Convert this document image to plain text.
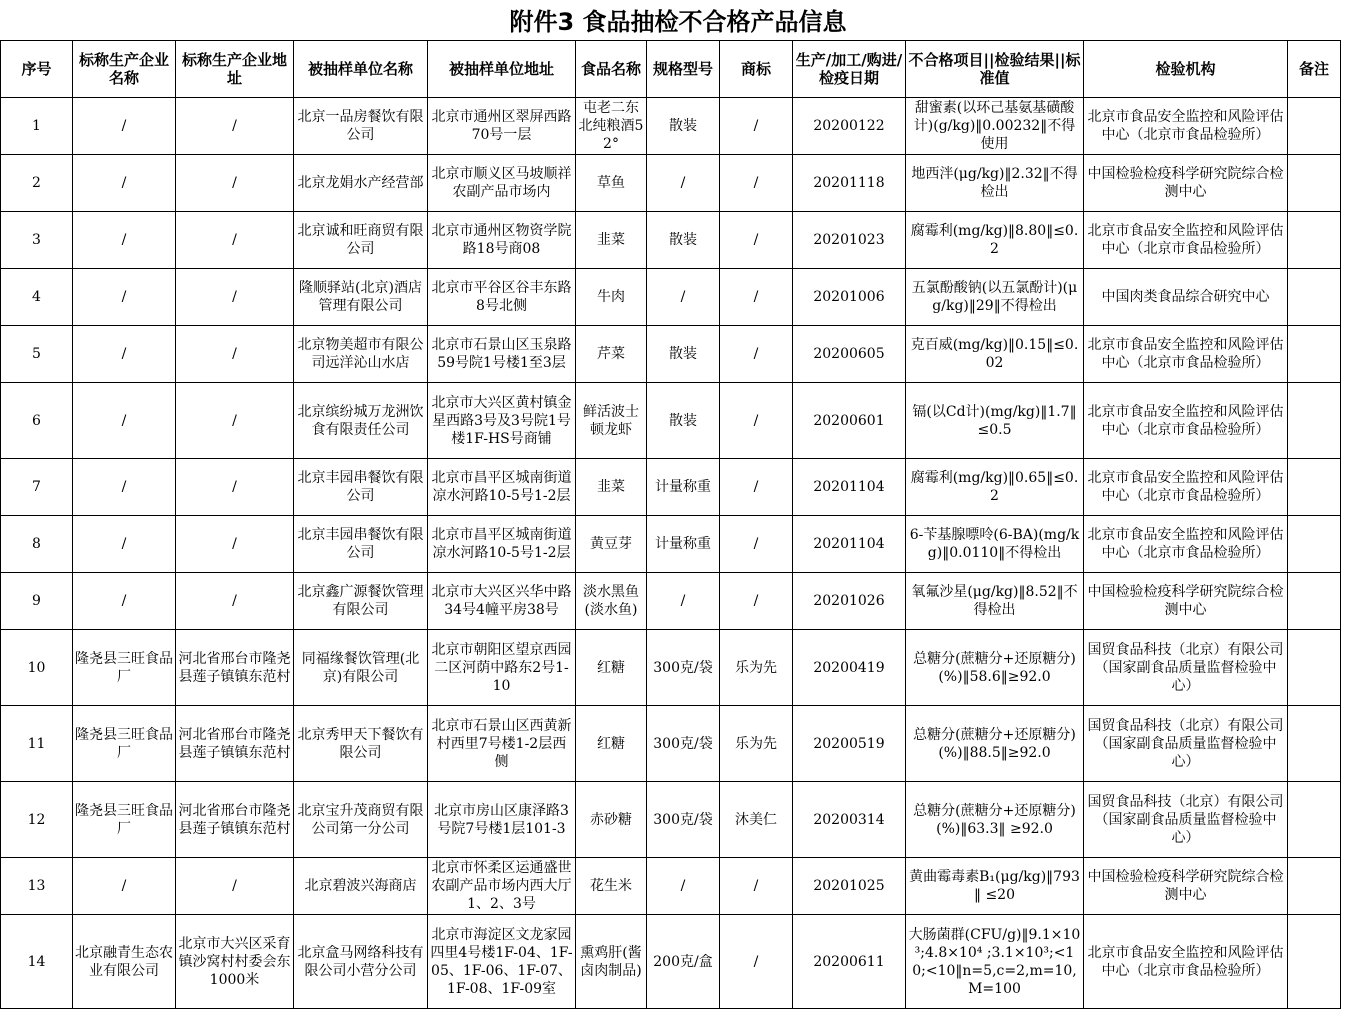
附件3 食品抽检不合格产品信息
序号	标称生产企业名称	标称生产企业地址	被抽样单位名称	被抽样单位地址	食品名称	规格型号	商标	生产/加工/购进/检疫日期	不合格项目||检验结果||标准值	检验机构	备注
1	/	/	北京一品房餐饮有限公司	北京市通州区翠屏西路70号一层	屯老二东北纯粮酒52°	散装	/	20200122	甜蜜素(以环己基氨基磺酸计)(g/kg)‖0.00232‖不得使用	北京市食品安全监控和风险评估中心（北京市食品检验所）	
2	/	/	北京龙娟水产经营部	北京市顺义区马坡顺祥农副产品市场内	草鱼	/	/	20201118	地西泮(μg/kg)‖2.32‖不得检出	中国检验检疫科学研究院综合检测中心	
3	/	/	北京诚和旺商贸有限公司	北京市通州区物资学院路18号商08	韭菜	散装	/	20201023	腐霉利(mg/kg)‖8.80‖≤0.2	北京市食品安全监控和风险评估中心（北京市食品检验所）	
4	/	/	隆顺驿站(北京)酒店管理有限公司	北京市平谷区谷丰东路8号北侧	牛肉	/	/	20201006	五氯酚酸钠(以五氯酚计)(μg/kg)‖29‖不得检出	中国肉类食品综合研究中心	
5	/	/	北京物美超市有限公司远洋沁山水店	北京市石景山区玉泉路59号院1号楼1至3层	芹菜	散装	/	20200605	克百威(mg/kg)‖0.15‖≤0.02	北京市食品安全监控和风险评估中心（北京市食品检验所）	
6	/	/	北京缤纷城万龙洲饮食有限责任公司	北京市大兴区黄村镇金星西路3号及3号院1号楼1F-HS号商铺	鲜活波士顿龙虾	散装	/	20200601	镉(以Cd计)(mg/kg)‖1.7‖ ≤0.5	北京市食品安全监控和风险评估中心（北京市食品检验所）	
7	/	/	北京丰园串餐饮有限公司	北京市昌平区城南街道凉水河路10-5号1-2层	韭菜	计量称重	/	20201104	腐霉利(mg/kg)‖0.65‖≤0.2	北京市食品安全监控和风险评估中心（北京市食品检验所）	
8	/	/	北京丰园串餐饮有限公司	北京市昌平区城南街道凉水河路10-5号1-2层	黄豆芽	计量称重	/	20201104	6-苄基腺嘌呤(6-BA)(mg/kg)‖0.0110‖不得检出	北京市食品安全监控和风险评估中心（北京市食品检验所）	
9	/	/	北京鑫广源餐饮管理有限公司	北京市大兴区兴华中路34号4幢平房38号	淡水黑鱼(淡水鱼)	/	/	20201026	氧氟沙星(μg/kg)‖8.52‖不得检出	中国检验检疫科学研究院综合检测中心	
10	隆尧县三旺食品厂	河北省邢台市隆尧县莲子镇镇东范村	同福缘餐饮管理(北京)有限公司	北京市朝阳区望京西园二区河荫中路东2号1-10	红糖	300克/袋	乐为先	20200419	总糖分(蔗糖分+还原糖分)(%)‖58.6‖≥92.0	国贸食品科技（北京）有限公司（国家副食品质量监督检验中心）	
11	隆尧县三旺食品厂	河北省邢台市隆尧县莲子镇镇东范村	北京秀甲天下餐饮有限公司	北京市石景山区西黄新村西里7号楼1-2层西侧	红糖	300克/袋	乐为先	20200519	总糖分(蔗糖分+还原糖分)(%)‖88.5‖≥92.0	国贸食品科技（北京）有限公司（国家副食品质量监督检验中心）	
12	隆尧县三旺食品厂	河北省邢台市隆尧县莲子镇镇东范村	北京宝升茂商贸有限公司第一分公司	北京市房山区康泽路3号院7号楼1层101-3	赤砂糖	300克/袋	沐美仁	20200314	总糖分(蔗糖分+还原糖分)(%)‖63.3‖ ≥92.0	国贸食品科技（北京）有限公司（国家副食品质量监督检验中心）	
13	/	/	北京碧波兴海商店	北京市怀柔区运通盛世农副产品市场内西大厅1、2、3号	花生米	/	/	20201025	黄曲霉毒素B₁(μg/kg)‖793‖ ≤20	中国检验检疫科学研究院综合检测中心	
14	北京融青生态农业有限公司	北京市大兴区采育镇沙窝村村委会东1000米	北京盒马网络科技有限公司小营分公司	北京市海淀区文龙家园四里4号楼1F-04、1F-05、1F-06、1F-07、1F-08、1F-09室	熏鸡肝(酱卤肉制品)	200克/盒	/	20200611	大肠菌群(CFU/g)‖9.1×10³;4.8×10⁴ ;3.1×10³;<10;<10‖n=5,c=2,m=10,M=100	北京市食品安全监控和风险评估中心（北京市食品检验所）	
